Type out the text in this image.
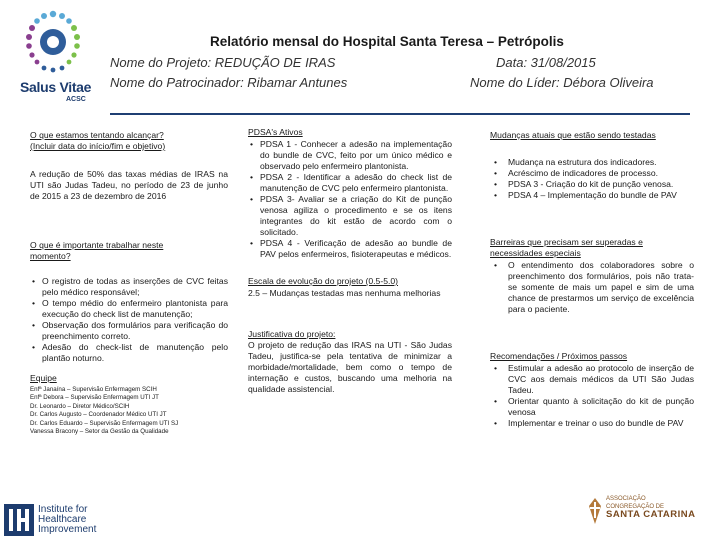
Salus Vitae
ACSC
Relatório mensal do Hospital Santa Teresa – Petrópolis
Nome do Projeto: REDUÇÃO DE IRAS	Data: 31/08/2015
Nome do Patrocinador: Ribamar Antunes	Nome do Líder: Débora Oliveira
O que estamos tentando alcançar?
(Incluir data do início/fim e objetivo)
A redução de 50% das taxas médias de IRAS na UTI são Judas Tadeu, no período de 23 de junho de 2015 a 23 de dezembro de 2016
O que é importante trabalhar neste
momento?
• O registro de todas as inserções de CVC feitas pelo médico responsável;
• O tempo médio do enfermeiro plantonista para execução do check list de manutenção;
• Observação dos formulários para verificação do preenchimento correto.
• Adesão do check-list de manutenção pelo plantão noturno.
Equipe
Enfª Janaína – Supervisão Enfermagem SCIH
Enfª Debora – Supervisão Enfermagem UTI JT
Dr. Leonardo – Diretor Médico/SCIH
Dr. Carlos Augusto – Coordenador Médico UTI JT
Dr. Carlos Eduardo – Supervisão Enfermagem UTI SJ
Vanessa Bracony – Setor da Gestão da Qualidade
Institute for
Healthcare
Improvement
PDSA's Ativos
• PDSA 1 - Conhecer a adesão na implementação do bundle de CVC, feito por um único médico e observado pelo enfermeiro plantonista.
• PDSA 2 - Identificar a adesão do check list de manutenção de CVC pelo enfermeiro plantonista.
• PDSA 3- Avaliar se a criação do Kit de punção venosa agiliza o procedimento e se os itens integrantes do kit estão de acordo com o solicitado.
• PDSA 4 - Verificação de adesão ao bundle de PAV pelos enfermeiros, fisioterapeutas e médicos.
Escala de evolução do projeto (0.5-5.0)
2.5 – Mudanças testadas mas nenhuma melhorias
Justificativa do projeto:
O projeto de redução das IRAS na UTI - São Judas Tadeu, justifica-se pela tentativa de minimizar a morbidade/mortalidade, bem como o tempo de internação e custos, buscando uma melhoria na qualidade assistencial.
Mudanças atuais que estão sendo testadas
• Mudança na estrutura dos indicadores.
• Acréscimo de indicadores de processo.
• PDSA 3 - Criação do kit de punção venosa.
• PDSA 4 – Implementação do bundle de PAV
Barreiras que precisam ser superadas e
necessidades especiais
• O entendimento dos colaboradores sobre o preenchimento dos formulários, pois não trata-se somente de mais um papel e sim de uma chance de prestarmos um serviço de excelência para o paciente.
Recomendações / Próximos passos
• Estimular a adesão ao protocolo de inserção de CVC aos demais médicos da UTI São Judas Tadeu.
• Orientar quanto à solicitação do kit de punção venosa
• Implementar e treinar o uso do bundle de PAV
ASSOCIAÇÃO
CONGREGAÇÃO DE
SANTA CATARINA
